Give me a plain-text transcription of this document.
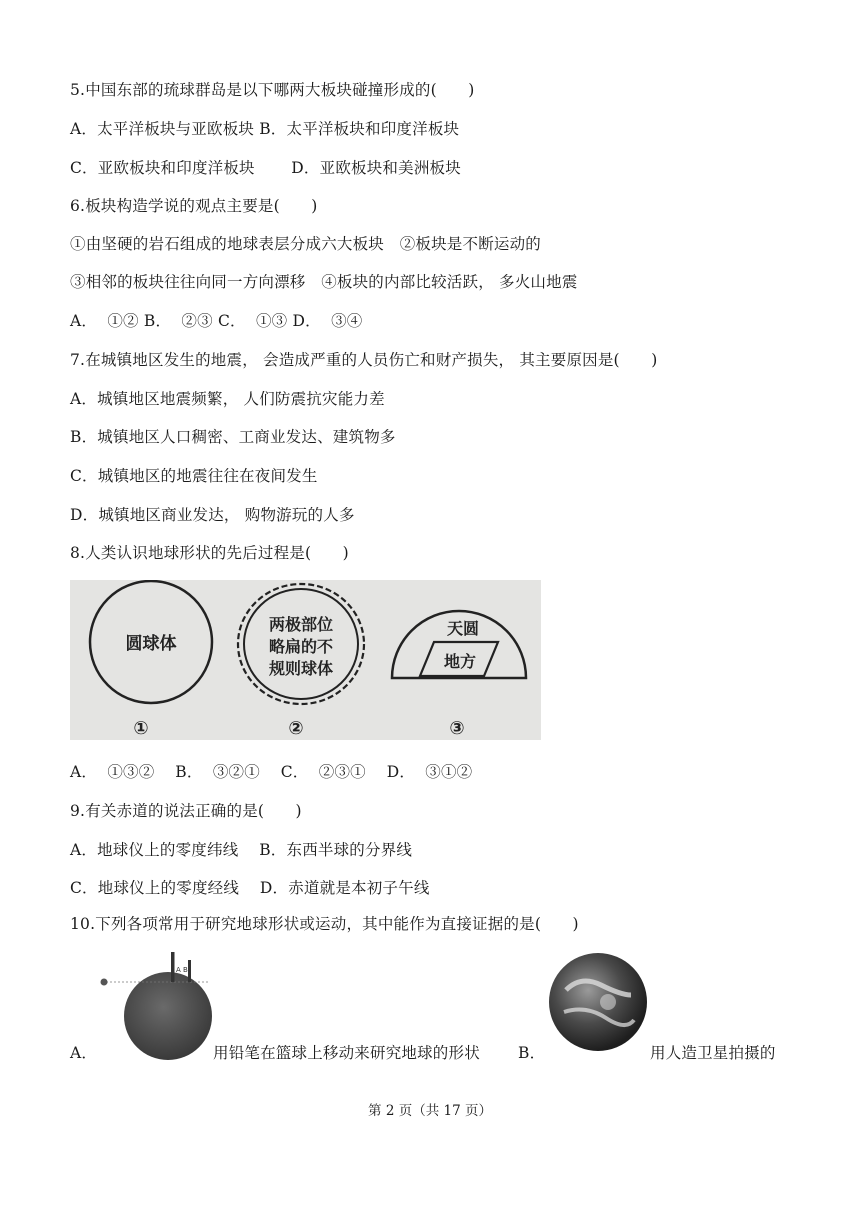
5.中国东部的琉球群岛是以下哪两大板块碰撞形成的(　　)
A．太平洋板块与亚欧板块 B．太平洋板块和印度洋板块
C．亚欧板块和印度洋板块　　 D．亚欧板块和美洲板块
6.板块构造学说的观点主要是(　　)
①由坚硬的岩石组成的地球表层分成六大板块　②板块是不断运动的
③相邻的板块往往向同一方向漂移　④板块的内部比较活跃， 多火山地震
A．  ①② B．  ②③ C．  ①③ D．  ③④
7.在城镇地区发生的地震， 会造成严重的人员伤亡和财产损失， 其主要原因是(　　)
A．城镇地区地震频繁， 人们防震抗灾能力差
B．城镇地区人口稠密、工商业发达、建筑物多
C．城镇地区的地震往往在夜间发生
D．城镇地区商业发达， 购物游玩的人多
8.人类认识地球形状的先后过程是(　　)
圆球体
两极部位
略扁的不
规则球体
天圆
地方
①	②	③
A．  ①③②　 B．  ③②①　 C．  ②③①　 D．  ③①②
9.有关赤道的说法正确的是(　　)
A．地球仪上的零度纬线　 B．东西半球的分界线
C．地球仪上的零度经线　 D．赤道就是本初子午线
10.下列各项常用于研究地球形状或运动，其中能作为直接证据的是(　　)
A B
A．	用铅笔在篮球上移动来研究地球的形状 B．	用人造卫星拍摄的
第 2 页（共 17 页）
